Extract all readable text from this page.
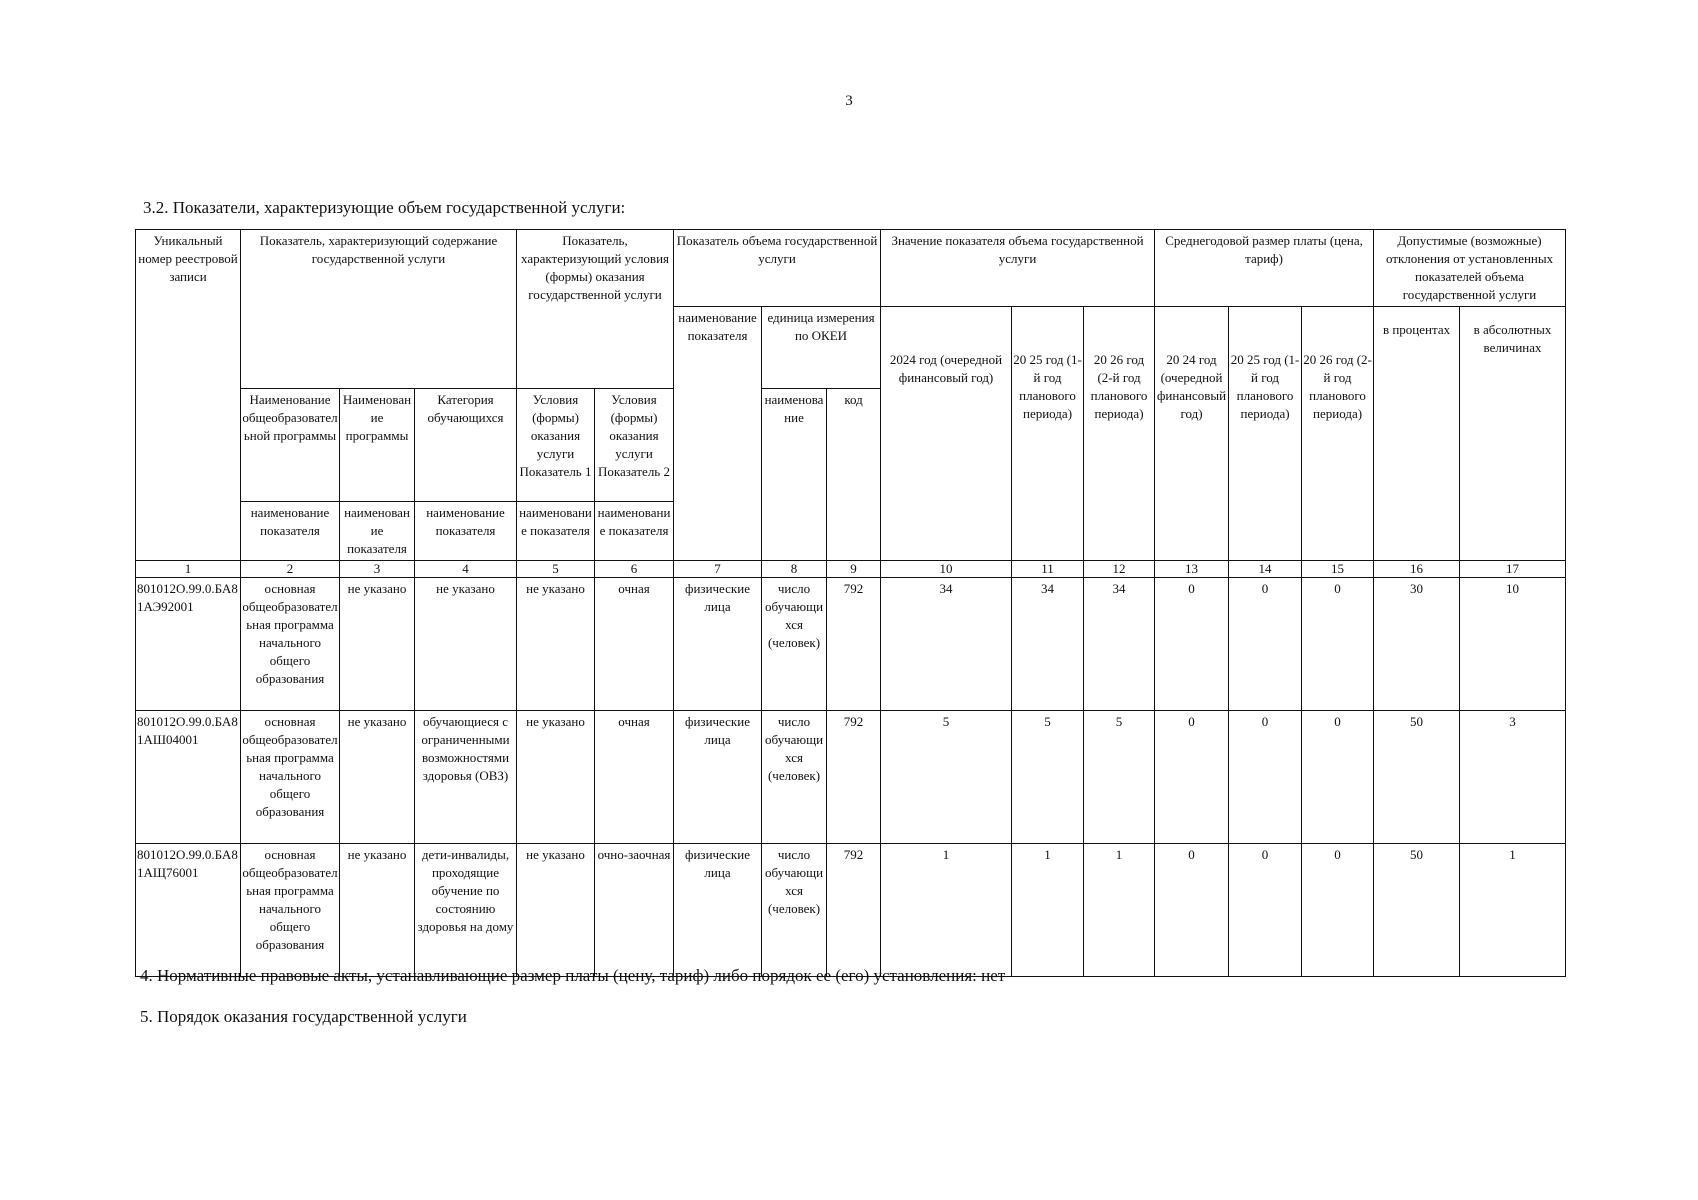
3
3.2. Показатели, характеризующие объем государственной услуги:
Уникальный номер реестровой записи	Показатель, характеризующий содержание государственной услуги			Показатель, характеризующий условия (формы) оказания государственной услуги		Показатель объема государственной услуги			Значение показателя объема государственной услуги			Среднегодовой размер платы (цена, тариф)			Допустимые (возможные) отклонения от установленных показателей объема государственной услуги	
						наименование показателя	единица измерения по ОКЕИ		2024 год (очередной финансовый год)	20 25 год (1-й год планового периода)	20 26 год (2-й год планового периода)	20 24 год (очередной финансовый год)	20 25 год (1-й год планового периода)	20 26 год (2-й год планового периода)	в процентах	в абсолютных величинах
	Наименование общеобразовательной программы	Наименование программы	Категория обучающихся	Условия (формы) оказания услуги Показатель 1	Условия (формы) оказания услуги Показатель 2		наименование	код								
	наименование показателя	наименование показателя	наименование показателя	наименование показателя	наименование показателя											
1	2	3	4	5	6	7	8	9	10	11	12	13	14	15	16	17
801012О.99.0.БА81АЭ92001	основная общеобразовательная программа начального общего образования	не указано	не указано	не указано	очная	физические лица	число обучающихся (человек)	792	34	34	34	0	0	0	30	10
801012О.99.0.БА81АШ04001	основная общеобразовательная программа начального общего образования	не указано	обучающиеся с ограниченными возможностями здоровья (ОВЗ)	не указано	очная	физические лица	число обучающихся (человек)	792	5	5	5	0	0	0	50	3
801012О.99.0.БА81АЩ76001	основная общеобразовательная программа начального общего образования	не указано	дети-инвалиды, проходящие обучение по состоянию здоровья на дому	не указано	очно-заочная	физические лица	число обучающихся (человек)	792	1	1	1	0	0	0	50	1
4. Нормативные правовые акты, устанавливающие размер платы (цену, тариф) либо порядок ее (его) установления: нет
5. Порядок оказания государственной услуги
